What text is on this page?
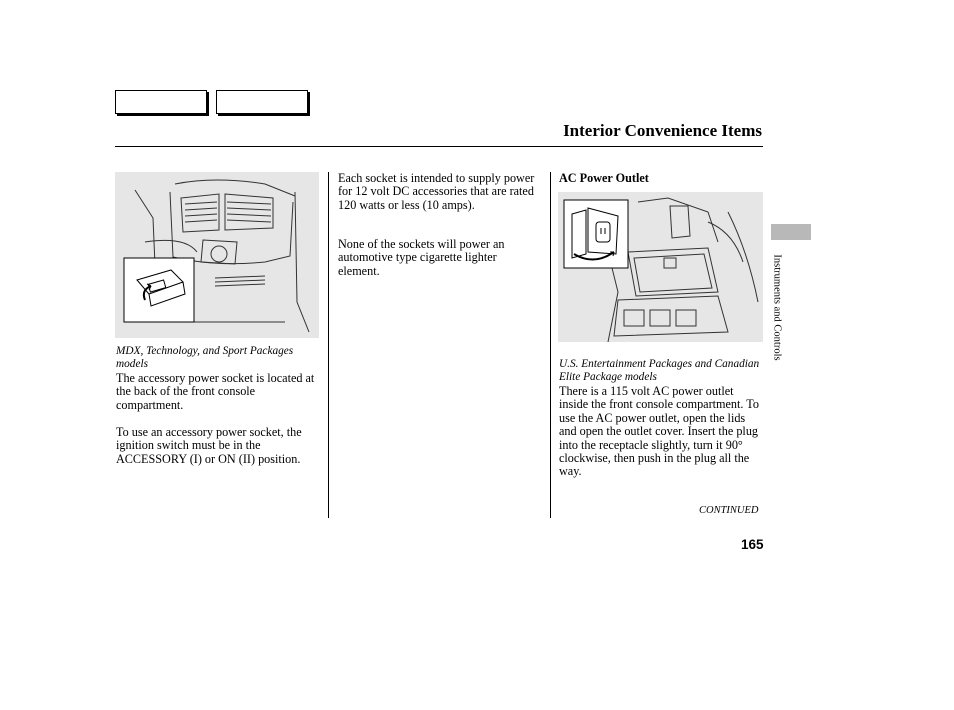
Interior Convenience Items
MDX, Technology, and Sport Packages models
The accessory power socket is located at the back of the front console compartment.
To use an accessory power socket, the ignition switch must be in the ACCESSORY (I) or ON (II) position.
Each socket is intended to supply power for 12 volt DC accessories that are rated 120 watts or less (10 amps).
None of the sockets will power an automotive type cigarette lighter element.
AC Power Outlet
U.S. Entertainment Packages and Canadian Elite Package models
There is a 115 volt AC power outlet inside the front console compartment. To use the AC power outlet, open the lids and open the outlet cover. Insert the plug into the receptacle slightly, turn it 90° clockwise, then push in the plug all the way.
CONTINUED
Instruments and Controls
165
